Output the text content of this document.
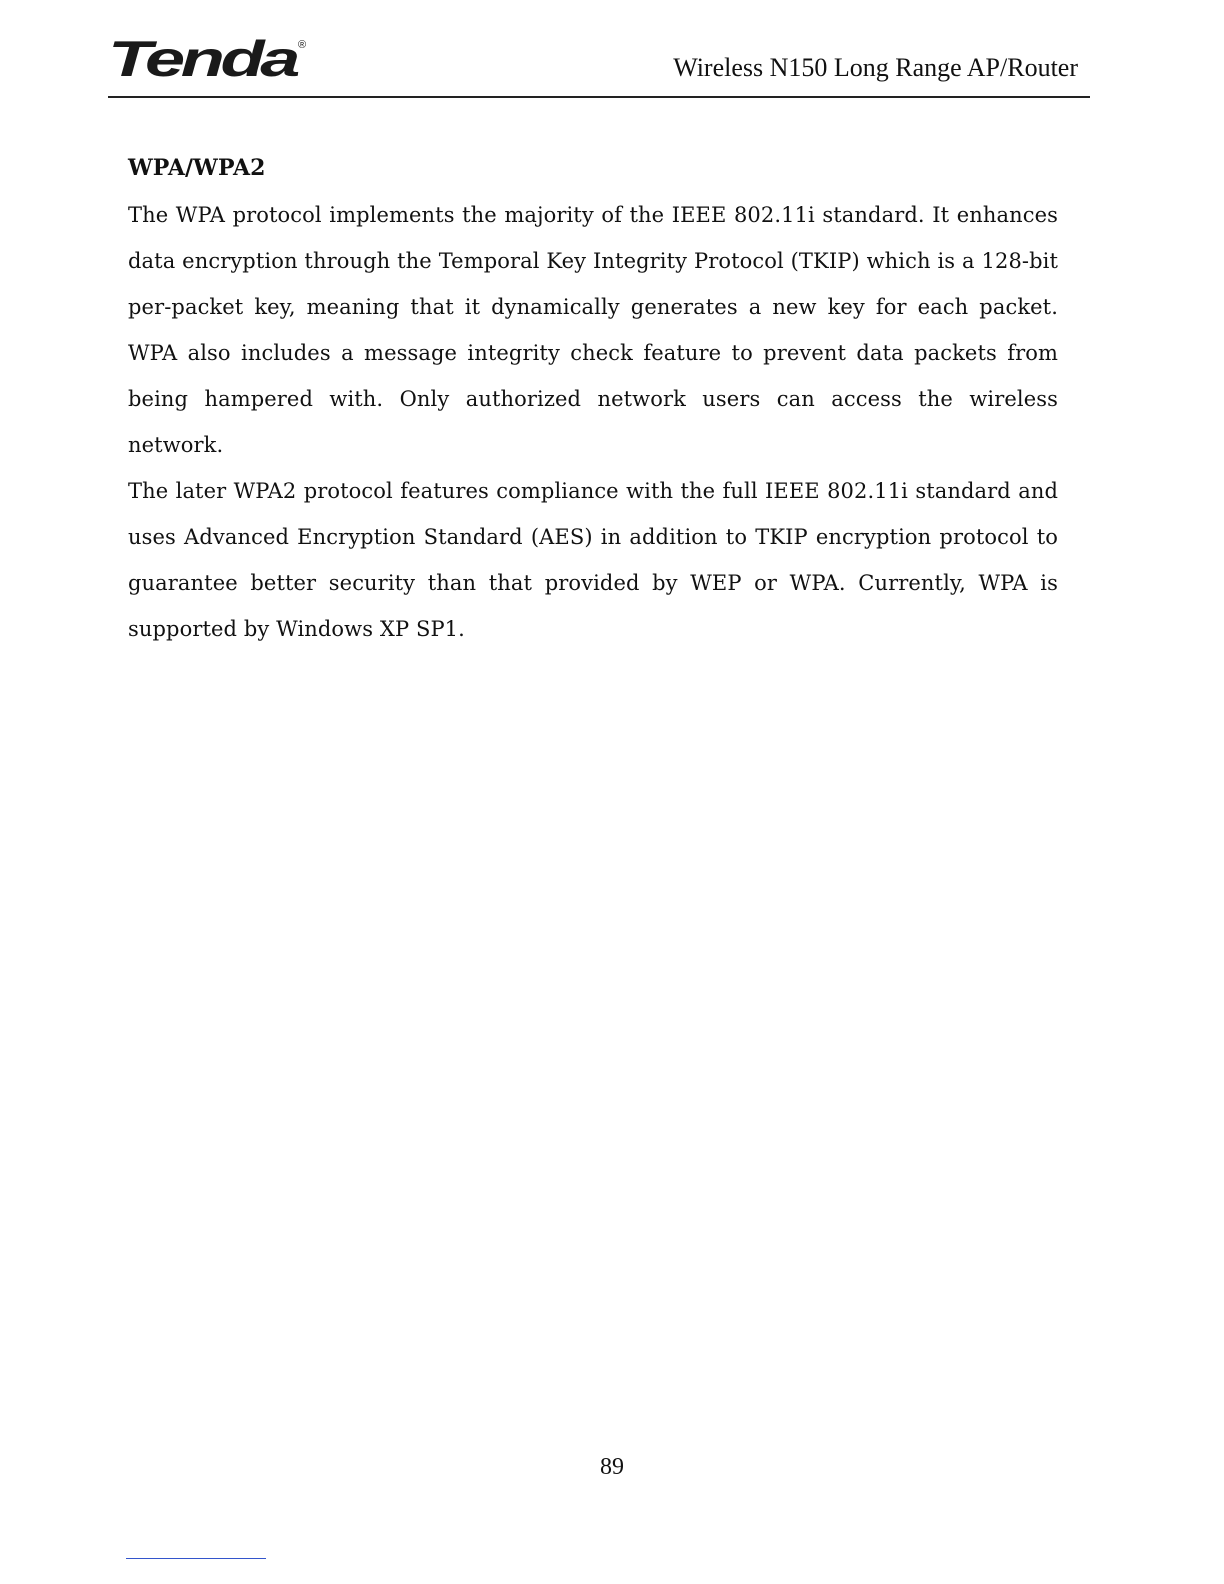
Tenda
®
Wireless N150 Long Range AP/Router
WPA/WPA2

The WPA protocol implements the majority of the IEEE 802.11i standard. It enhances data encryption through the Temporal Key Integrity Protocol (TKIP) which is a 128-bit per-packet key, meaning that it dynamically generates a new key for each packet. WPA also includes a message integrity check feature to prevent data packets from being hampered with. Only authorized network users can access the wireless network.

The later WPA2 protocol features compliance with the full IEEE 802.11i standard and uses Advanced Encryption Standard (AES) in addition to TKIP encryption protocol to guarantee better security than that provided by WEP or WPA. Currently, WPA is supported by Windows XP SP1.

89
